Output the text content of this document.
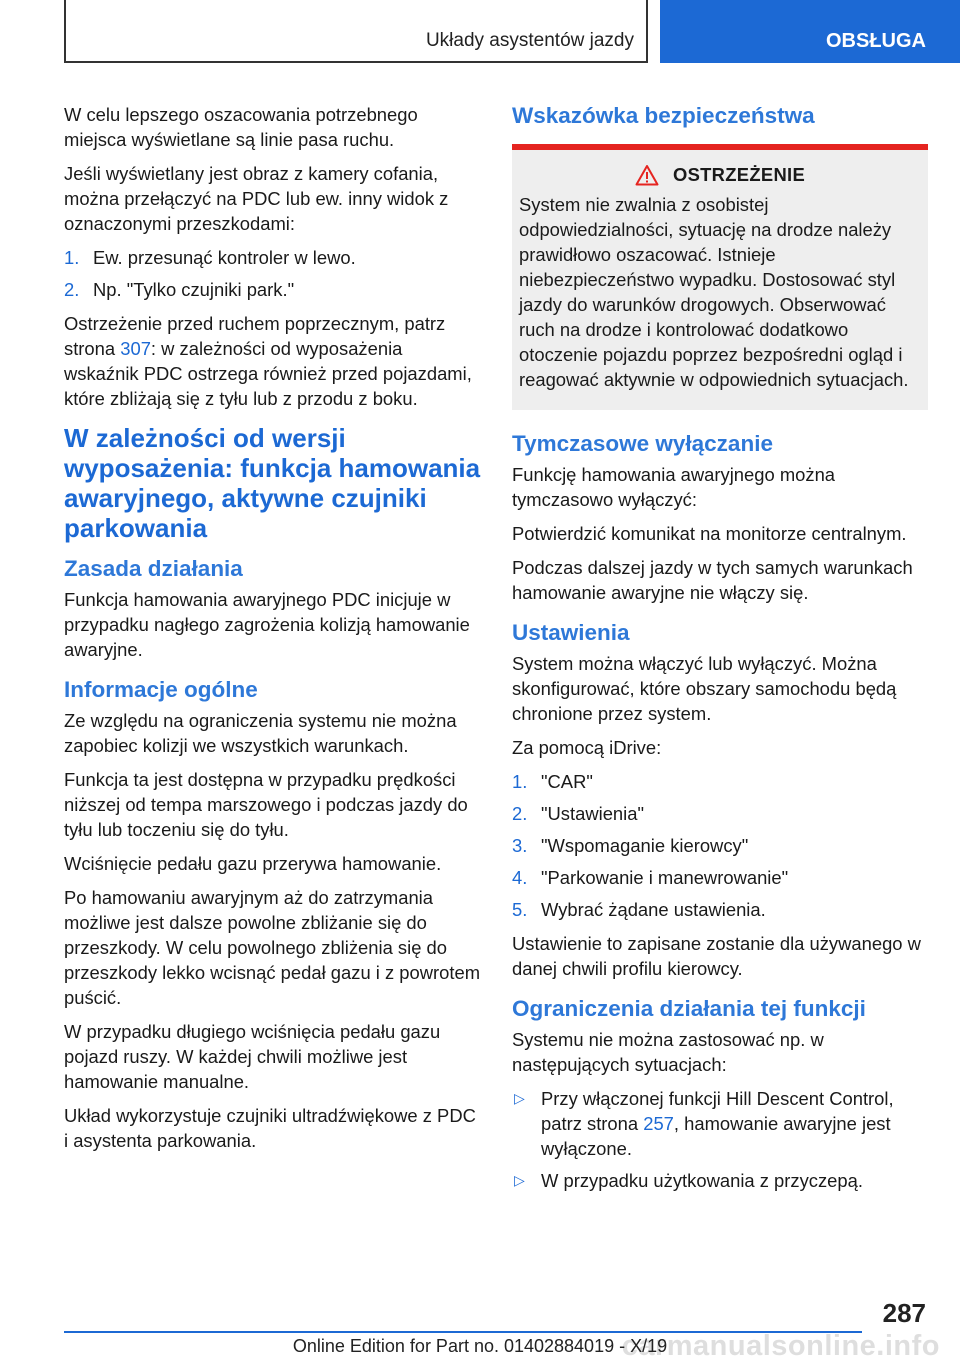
Układy asystentów jazdy	OBSŁUGA

W celu lepszego oszacowania potrzebnego miejsca wyświetlane są linie pasa ruchu.

Jeśli wyświetlany jest obraz z kamery cofania, można przełączyć na PDC lub ew. inny widok z oznaczonymi przeszkodami:

1. Ew. przesunąć kontroler w lewo.
2. Np. "Tylko czujniki park."

Ostrzeżenie przed ruchem poprzecznym, patrz strona 307: w zależności od wyposażenia wskaźnik PDC ostrzega również przed pojazdami, które zbliżają się z tyłu lub z przodu z boku.

W zależności od wersji wyposażenia: funkcja hamowania awaryjnego, aktywne czujniki parkowania
Zasada działania

Funkcja hamowania awaryjnego PDC inicjuje w przypadku nagłego zagrożenia kolizją hamowanie awaryjne.

Informacje ogólne

Ze względu na ograniczenia systemu nie można zapobiec kolizji we wszystkich warunkach.

Funkcja ta jest dostępna w przypadku prędkości niższej od tempa marszowego i podczas jazdy do tyłu lub toczeniu się do tyłu.

Wciśnięcie pedału gazu przerywa hamowanie.

Po hamowaniu awaryjnym aż do zatrzymania możliwe jest dalsze powolne zbliżanie się do przeszkody. W celu powolnego zbliżenia się do przeszkody lekko wcisnąć pedał gazu i z powrotem puścić.

W przypadku długiego wciśnięcia pedału gazu pojazd ruszy. W każdej chwili możliwe jest hamowanie manualne.

Układ wykorzystuje czujniki ultradźwiękowe z PDC i asystenta parkowania.

Wskazówka bezpieczeństwa
OSTRZEŻENIE

System nie zwalnia z osobistej odpowiedzialności, sytuację na drodze należy prawidłowo oszacować. Istnieje niebezpieczeństwo wypadku. Dostosować styl jazdy do warunków drogowych. Obserwować ruch na drodze i kontrolować dodatkowo otoczenie pojazdu poprzez bezpośredni ogląd i reagować aktywnie w odpowiednich sytuacjach.

Tymczasowe wyłączanie

Funkcję hamowania awaryjnego można tymczasowo wyłączyć:

Potwierdzić komunikat na monitorze centralnym.

Podczas dalszej jazdy w tych samych warunkach hamowanie awaryjne nie włączy się.

Ustawienia

System można włączyć lub wyłączyć. Można skonfigurować, które obszary samochodu będą chronione przez system.

Za pomocą iDrive:

1. "CAR"
2. "Ustawienia"
3. "Wspomaganie kierowcy"
4. "Parkowanie i manewrowanie"
5. Wybrać żądane ustawienia.

Ustawienie to zapisane zostanie dla używanego w danej chwili profilu kierowcy.

Ograniczenia działania tej funkcji

Systemu nie można zastosować np. w następujących sytuacjach:

▷ Przy włączonej funkcji Hill Descent Control, patrz strona 257, hamowanie awaryjne jest wyłączone.
▷ W przypadku użytkowania z przyczepą.
287
carmanualsonline.info
Online Edition for Part no. 01402884019 - X/19
